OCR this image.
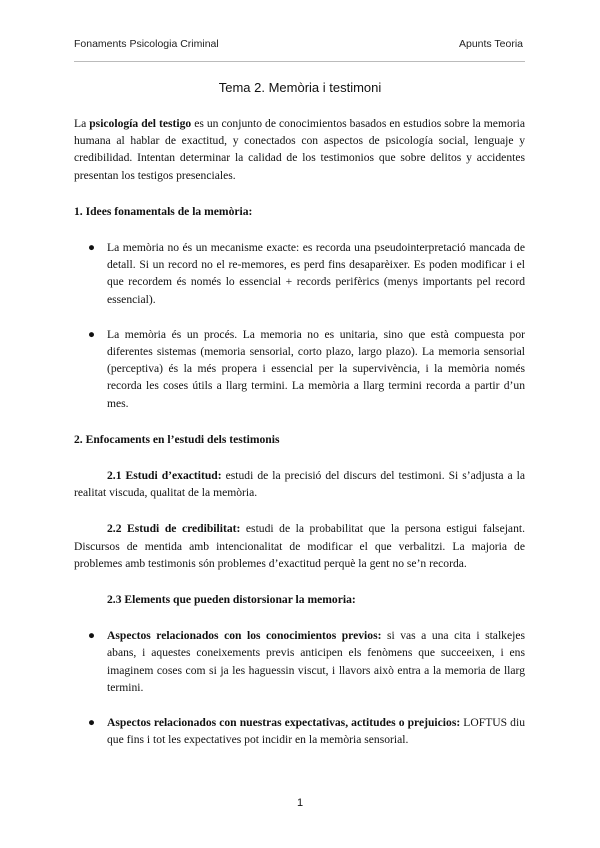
Fonaments Psicologia Criminal	Apunts Teoria
Tema 2. Memòria i testimoni

La psicología del testigo es un conjunto de conocimientos basados en estudios sobre la memoria humana al hablar de exactitud, y conectados con aspectos de psicología social, lenguaje y credibilidad. Intentan determinar la calidad de los testimonios que sobre delitos y accidentes presentan los testigos presenciales.

1. Idees fonamentals de la memòria:
● La memòria no és un mecanisme exacte: es recorda una pseudointerpretació mancada de detall. Si un record no el re-memores, es perd fins desaparèixer. Es poden modificar i el que recordem és només lo essencial + records perifèrics (menys importants pel record essencial).
● La memòria és un procés. La memoria no es unitaria, sino que està compuesta por diferentes sistemas (memoria sensorial, corto plazo, largo plazo). La memoria sensorial (perceptiva) és la més propera i essencial per la supervivència, i la memòria només recorda les coses útils a llarg termini. La memòria a llarg termini recorda a partir d’un mes.
2. Enfocaments en l’estudi dels testimonis

2.1 Estudi d’exactitud: estudi de la precisió del discurs del testimoni. Si s’adjusta a la realitat viscuda, qualitat de la memòria.

2.2 Estudi de credibilitat: estudi de la probabilitat que la persona estigui falsejant. Discursos de mentida amb intencionalitat de modificar el que verbalitzi. La majoria de problemes amb testimonis són problemes d’exactitud perquè la gent no se’n recorda.

2.3 Elements que pueden distorsionar la memoria:
● Aspectos relacionados con los conocimientos previos: si vas a una cita i stalkejes abans, i aquestes coneixements previs anticipen els fenòmens que succeeixen, i ens imaginem coses com si ja les haguessin viscut, i llavors això entra a la memoria de llarg termini.
● Aspectos relacionados con nuestras expectativas, actitudes o prejuicios: LOFTUS diu que fins i tot les expectatives pot incidir en la memòria sensorial.
1
